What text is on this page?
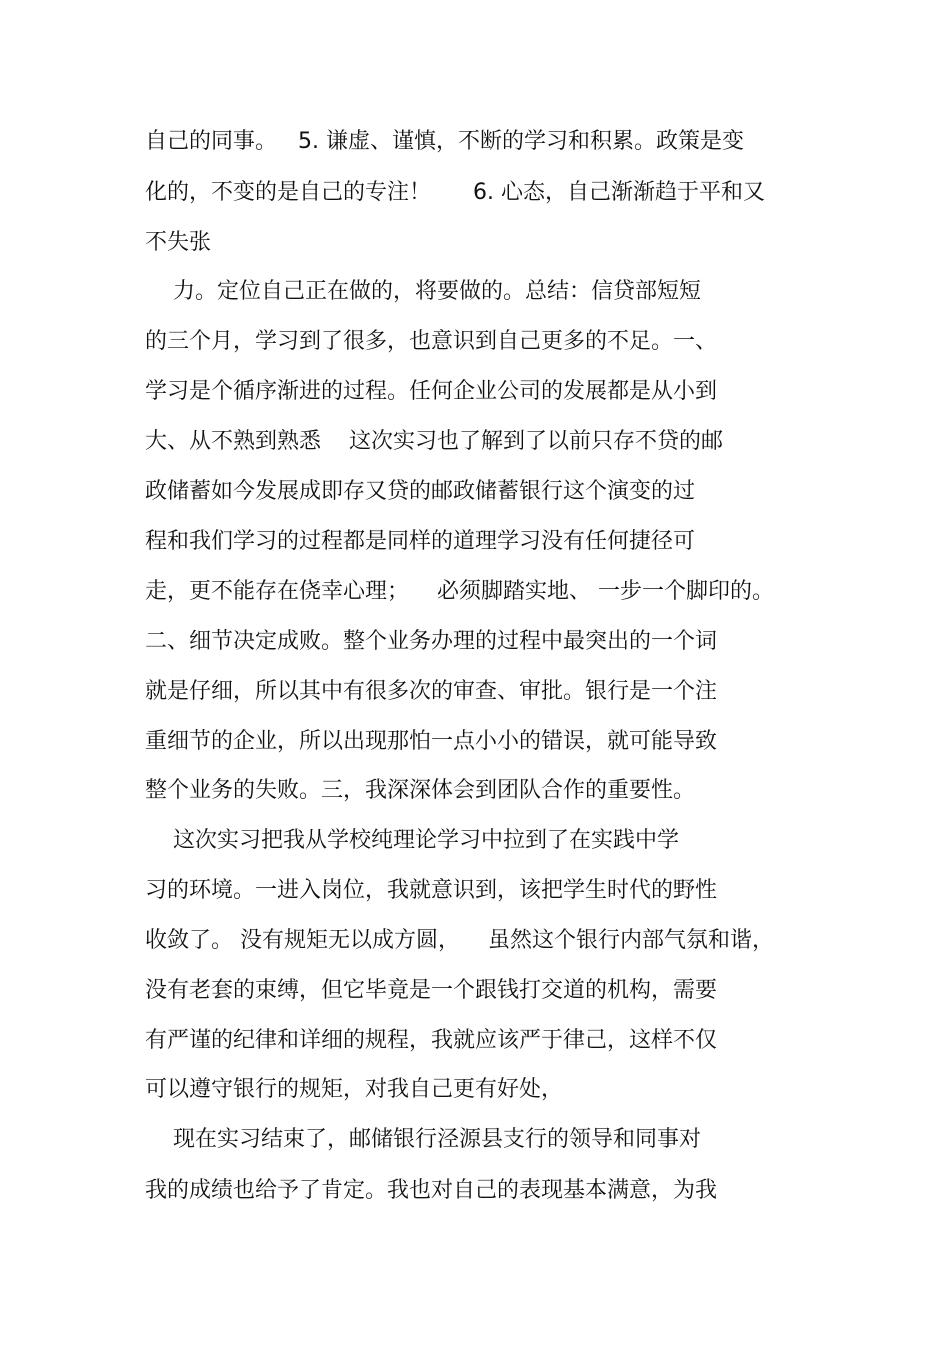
自己的同事。   5. 谦虚、谨慎，不断的学习和积累。政策是变

化的，不变的是自己的专注！      6. 心态，自己渐渐趋于平和又

不失张

力。定位自己正在做的，将要做的。总结：信贷部短短

的三个月，学习到了很多，也意识到自己更多的不足。一、

学习是个循序渐进的过程。任何企业公司的发展都是从小到

大、从不熟到熟悉    这次实习也了解到了以前只存不贷的邮

政储蓄如今发展成即存又贷的邮政储蓄银行这个演变的过

程和我们学习的过程都是同样的道理学习没有任何捷径可

走，更不能存在侥幸心理；    必须脚踏实地、 一步一个脚印的。

二、细节决定成败。整个业务办理的过程中最突出的一个词

就是仔细，所以其中有很多次的审查、审批。银行是一个注

重细节的企业，所以出现那怕一点小小的错误，就可能导致

整个业务的失败。三，我深深体会到团队合作的重要性。

这次实习把我从学校纯理论学习中拉到了在实践中学

习的环境。一进入岗位，我就意识到，该把学生时代的野性

收敛了。 没有规矩无以成方圆，    虽然这个银行内部气氛和谐，

没有老套的束缚，但它毕竟是一个跟钱打交道的机构，需要

有严谨的纪律和详细的规程，我就应该严于律己，这样不仅

可以遵守银行的规矩，对我自己更有好处，

现在实习结束了，邮储银行泾源县支行的领导和同事对

我的成绩也给予了肯定。我也对自己的表现基本满意，为我
